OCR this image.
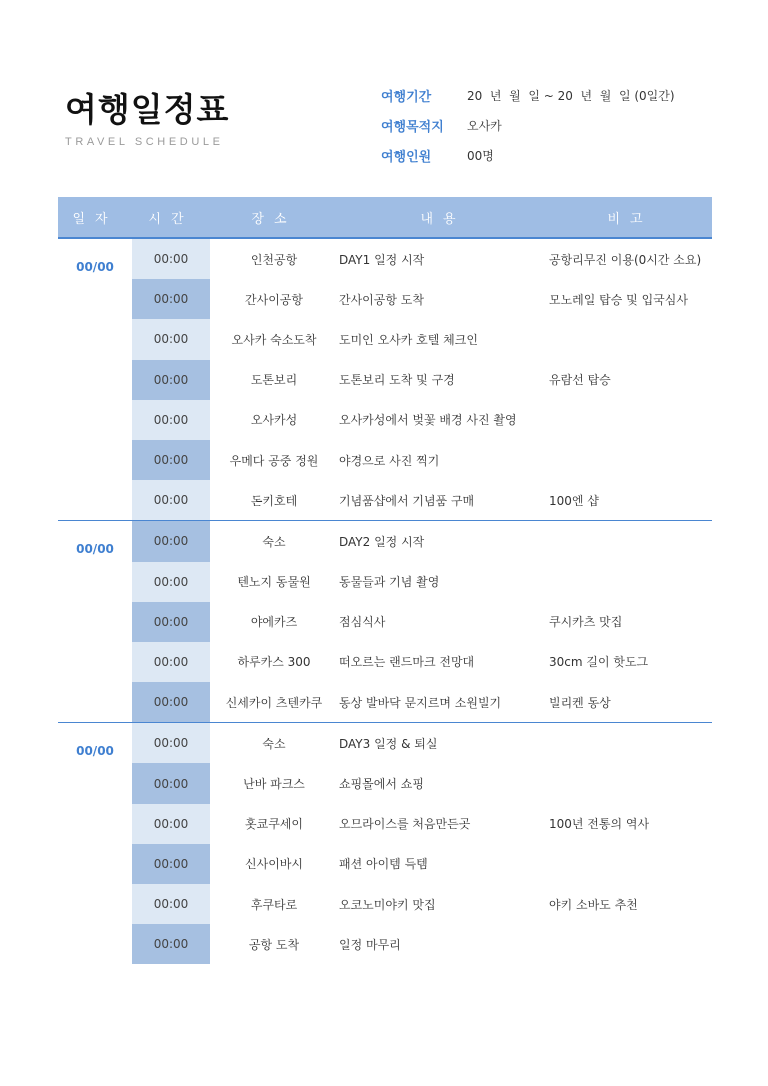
여행일정표
TRAVEL SCHEDULE
여행기간	20  년  월  일 ~ 20  년  월  일 (0일간)
여행목적지	오사카
여행인원	00명
일자	시간	장소	내용	비고
00/00
00:00	인천공항	DAY1 일정 시작	공항리무진 이용(0시간 소요)
00:00	간사이공항	간사이공항 도착	모노레일 탑승 및 입국심사
00:00	오사카 숙소도착	도미인 오사카 호텔 체크인
00:00	도톤보리	도톤보리 도착 및 구경	유람선 탑승
00:00	오사카성	오사카성에서 벚꽃 배경 사진 촬영
00:00	우메다 공중 정원	야경으로 사진 찍기
00:00	돈키호테	기념품샵에서 기념품 구매	100엔 샵
00/00
00:00	숙소	DAY2 일정 시작
00:00	텐노지 동물원	동물들과 기념 촬영
00:00	야에카즈	점심식사	쿠시카츠 맛집
00:00	하루카스 300	떠오르는 랜드마크 전망대	30cm 길이 핫도그
00:00	신세카이 츠텐카쿠	동상 발바닥 문지르며 소원빌기	빌리켄 동상
00/00
00:00	숙소	DAY3 일정 & 퇴실
00:00	난바 파크스	쇼핑몰에서 쇼핑
00:00	홋쿄쿠세이	오므라이스를 처음만든곳	100년 전통의 역사
00:00	신사이바시	패션 아이템 득템
00:00	후쿠타로	오코노미야키 맛집	야키 소바도 추천
00:00	공항 도착	일정 마무리
